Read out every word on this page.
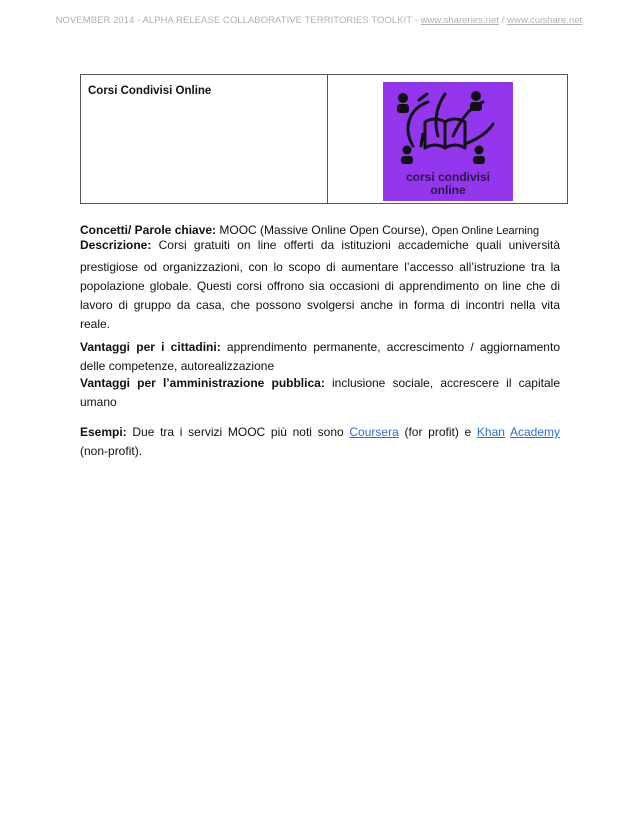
NOVEMBER 2014 - ALPHA RELEASE COLLABORATIVE TERRITORIES TOOLKIT - www.shareries.net / www.cuishare.net
Corsi Condivisi Online
corsi condivisi
online
Concetti/ Parole chiave: MOOC (Massive Online Open Course), Open Online Learning
Descrizione: Corsi gratuiti on line offerti da istituzioni accademiche quali università
prestigiose od organizzazioni, con lo scopo di aumentare l’accesso all’istruzione tra la
popolazione globale. Questi corsi offrono sia occasioni di apprendimento on line che di
lavoro di gruppo da casa, che possono svolgersi anche in forma di incontri nella vita
reale.
Vantaggi per i cittadini: apprendimento permanente, accrescimento / aggiornamento
delle competenze, autorealizzazione
Vantaggi per l’amministrazione pubblica: inclusione sociale, accrescere il capitale
umano
Esempi: Due tra i servizi MOOC più noti sono Coursera (for profit) e Khan Academy
(non-profit).
